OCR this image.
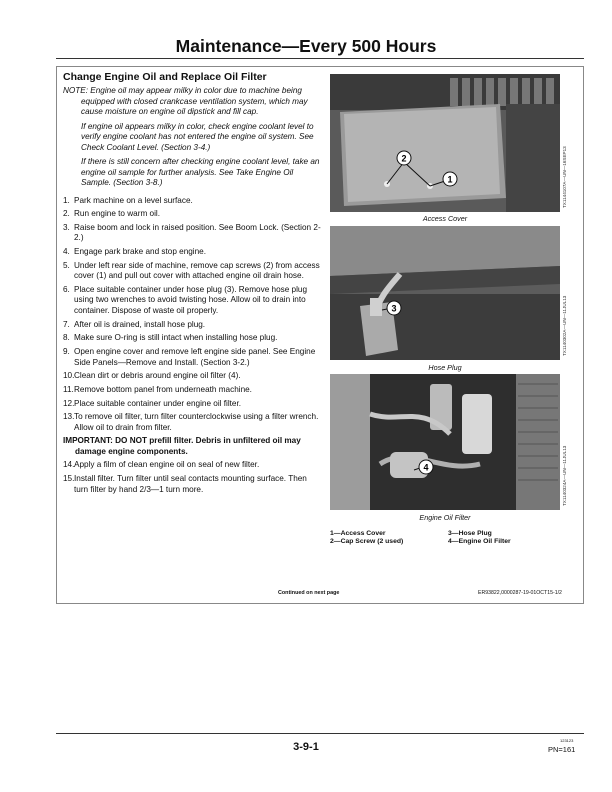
Maintenance—Every 500 Hours
Change Engine Oil and Replace Oil Filter

NOTE: Engine oil may appear milky in color due to machine being equipped with closed crankcase ventilation system, which may cause moisture on engine oil dipstick and fill cap.

If engine oil appears milky in color, check engine coolant level to verify engine coolant has not entered the engine oil system. See Check Coolant Level. (Section 3-4.)

If there is still concern after checking engine coolant level, take an engine oil sample for further analysis. See Take Engine Oil Sample. (Section 3-8.)

1. Park machine on a level surface.
2. Run engine to warm oil.
3. Raise boom and lock in raised position. See Boom Lock. (Section 2-2.)
4. Engage park brake and stop engine.
5. Under left rear side of machine, remove cap screws (2) from access cover (1) and pull out cover with attached engine oil drain hose.
6. Place suitable container under hose plug (3). Remove hose plug using two wrenches to avoid twisting hose. Allow oil to drain into container. Dispose of waste oil properly.
7. After oil is drained, install hose plug.
8. Make sure O-ring is still intact when installing hose plug.
9. Open engine cover and remove left engine side panel. See Engine Side Panels—Remove and Install. (Section 3-2.)
10. Clean dirt or debris around engine oil filter (4).
11. Remove bottom panel from underneath machine.
12. Place suitable container under engine oil filter.
13. To remove oil filter, turn filter counterclockwise using a filter wrench. Allow oil to drain from filter.

IMPORTANT: DO NOT prefill filter. Debris in unfiltered oil may damage engine components.

14. Apply a film of clean engine oil on seal of new filter.
15. Install filter. Turn filter until seal contacts mounting surface. Then turn filter by hand 2/3—1 turn more.
2
1	TX1144107A—UN—16SEP13
Access Cover
3	TX1140302A—UN—11JUL13
Hose Plug
4	TX1140324A—UN—11JUL13
Engine Oil Filter
1—Access Cover	3—Hose Plug
2—Cap Screw (2 used)	4—Engine Oil Filter
Continued on next page	ER93822,0000287-19-01OCT15-1/2
3-9-1
123123
PN=161
